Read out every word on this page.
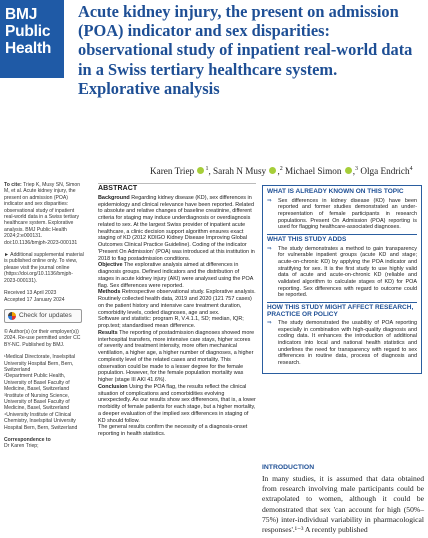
BMJ
Public
Health
Acute kidney injury, the present on admission (POA) indicator and sex disparities: observational study of inpatient real-world data in a Swiss tertiary healthcare system. Explorative analysis
Karen Triep $^1$, Sarah N Musy ,$^2$ Michael Simon ,$^3$ Olga Endrich$^4$
To cite: Triep K, Musy SN, Simon M, et al. Acute kidney injury, the present on admission (POA) indicator and sex disparities: observational study of inpatient real-world data in a Swiss tertiary healthcare system. Explorative analysis. BMJ Public Health 2024;2:e000131. doi:10.1136/bmjph-2023-000131
► Additional supplemental material is published online only. To view, please visit the journal online (https://doi.org/10.1136/bmjph-2023-000131).
Received 13 April 2023
Accepted 17 January 2024
Check for updates
© Author(s) (or their employer(s)) 2024. Re-use permitted under CC BY-NC. Published by BMJ.
¹Medical Directorate, Inselspital University Hospital Bern, Bern, Switzerland
²Department Public Health, University of Basel Faculty of Medicine, Basel, Switzerland
³Institute of Nursing Science, University of Basel Faculty of Medicine, Basel, Switzerland
⁴University Institute of Clinical Chemistry, Inselspital University Hospital Bern, Bern, Switzerland
Correspondence to
Dr Karen Triep;
ABSTRACT

Background Regarding kidney disease (KD), sex differences in epidemiology and clinical relevance have been reported. Related to absolute and relative changes of baseline creatinine, different criteria for staging may induce underdiagnosis or overdiagnosis related to sex. At the largest Swiss provider of inpatient acute healthcare, a clinic decision support algorithm ensures exact staging of KD (2012 KDIGO Kidney Disease Improving Global Outcomes Clinical Practice Guideline). Coding of the indicator 'Present On Admission' (POA) was introduced at this institution in 2018 to flag postadmission conditions.

Objective The explorative analysis aimed at differences in diagnosis groups. Defined indicators and the distribution of stages in acute kidney injury (AKI) were analysed using the POA flag. Sex differences were reported.

Methods Retrospective observational study. Explorative analysis. Routinely collected health data, 2019 and 2020 (121 757 cases) on the patient history and intensive care treatment duration, comorbidity levels, coded diagnoses, age and sex.

Software and statistic: program R, V.4.1.1, SD; median, IQR; prop.test; standardised mean difference.

Results The reporting of postadmission diagnoses showed more interhospital transfers, more intensive care stays, higher scores of severity and treatment intensity, more often mechanical ventilation, a higher age, a higher number of diagnoses, a higher complexity level of the related cases and mortality. This observation could be made to a lesser degree for the female population. However, for the female population mortality was higher (stage III AKI 41.6%).

Conclusion Using the POA flag, the results reflect the clinical situation of complications and comorbidities evolving unexpectedly. As our results show sex differences, that is, a lower morbidity of female patients for each stage, but a higher mortality, a deeper evaluation of the implied sex differences in staging of KD should follow.

The general results confirm the necessity of a diagnosis-onset reporting in health statistics.

WHAT IS ALREADY KNOWN ON THIS TOPIC
⇒	Sex differences in kidney disease (KD) have been reported and former studies demonstrated an under-representation of female participants in research populations. Present On Admission (POA) reporting is used for flagging healthcare-associated diagnoses.
WHAT THIS STUDY ADDS
⇒	The study demonstrates a method to gain transparency for vulnerable inpatient groups (acute KD and stage; acute-on-chronic KD) by applying the POA indicator and stratifying for sex. It is the first study to use highly valid data of acute and acute-on-chronic KD (reliable and validated algorithm to calculate stages of KD) for POA reporting. Sex differences with regard to outcome could be reported.
HOW THIS STUDY MIGHT AFFECT RESEARCH, PRACTICE OR POLICY
⇒	The study demonstrated the usability of POA reporting especially in combination with high-quality diagnosis and coding data. It enhances the introduction of additional indicators into local and national health statistics and underlines the need for transparency with regard to sex differences in routine data, process of diagnosis and research.
INTRODUCTION

In many studies, it is assumed that data obtained from research involving male participants could be extrapolated to women, although it could be demonstrated that sex 'can account for high (50%–75%) inter-individual variability in pharmacological responses'.¹⁻³ A recently published
